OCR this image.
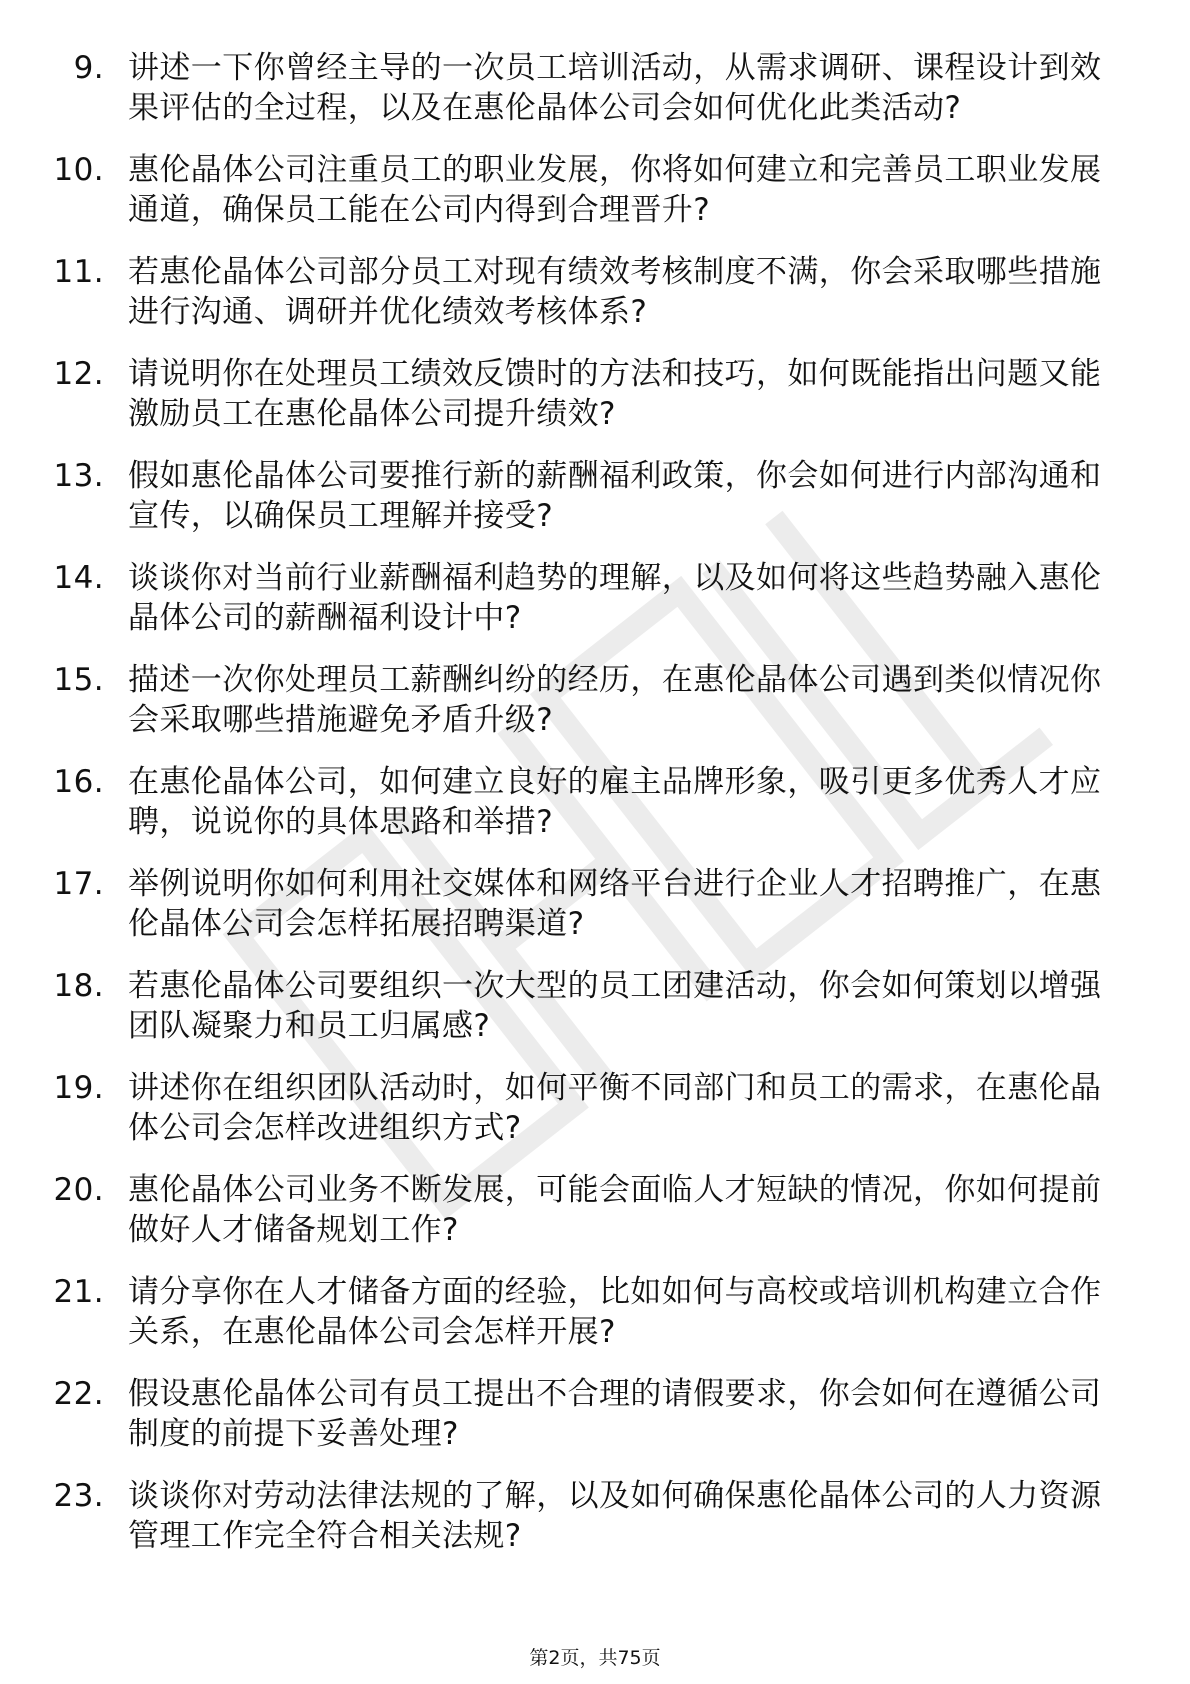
9. 讲述一下你曾经主导的一次员工培训活动，从需求调研、课程设计到效果评估的全过程，以及在惠伦晶体公司会如何优化此类活动?
10. 惠伦晶体公司注重员工的职业发展，你将如何建立和完善员工职业发展通道，确保员工能在公司内得到合理晋升?
11. 若惠伦晶体公司部分员工对现有绩效考核制度不满，你会采取哪些措施进行沟通、调研并优化绩效考核体系?
12. 请说明你在处理员工绩效反馈时的方法和技巧，如何既能指出问题又能激励员工在惠伦晶体公司提升绩效?
13. 假如惠伦晶体公司要推行新的薪酬福利政策，你会如何进行内部沟通和宣传，以确保员工理解并接受?
14. 谈谈你对当前行业薪酬福利趋势的理解，以及如何将这些趋势融入惠伦晶体公司的薪酬福利设计中?
15. 描述一次你处理员工薪酬纠纷的经历，在惠伦晶体公司遇到类似情况你会采取哪些措施避免矛盾升级?
16. 在惠伦晶体公司，如何建立良好的雇主品牌形象，吸引更多优秀人才应聘，说说你的具体思路和举措?
17. 举例说明你如何利用社交媒体和网络平台进行企业人才招聘推广，在惠伦晶体公司会怎样拓展招聘渠道?
18. 若惠伦晶体公司要组织一次大型的员工团建活动，你会如何策划以增强团队凝聚力和员工归属感?
19. 讲述你在组织团队活动时，如何平衡不同部门和员工的需求，在惠伦晶体公司会怎样改进组织方式?
20. 惠伦晶体公司业务不断发展，可能会面临人才短缺的情况，你如何提前做好人才储备规划工作?
21. 请分享你在人才储备方面的经验，比如如何与高校或培训机构建立合作关系，在惠伦晶体公司会怎样开展?
22. 假设惠伦晶体公司有员工提出不合理的请假要求，你会如何在遵循公司制度的前提下妥善处理?
23. 谈谈你对劳动法律法规的了解，以及如何确保惠伦晶体公司的人力资源管理工作完全符合相关法规?
第2页，共75页
